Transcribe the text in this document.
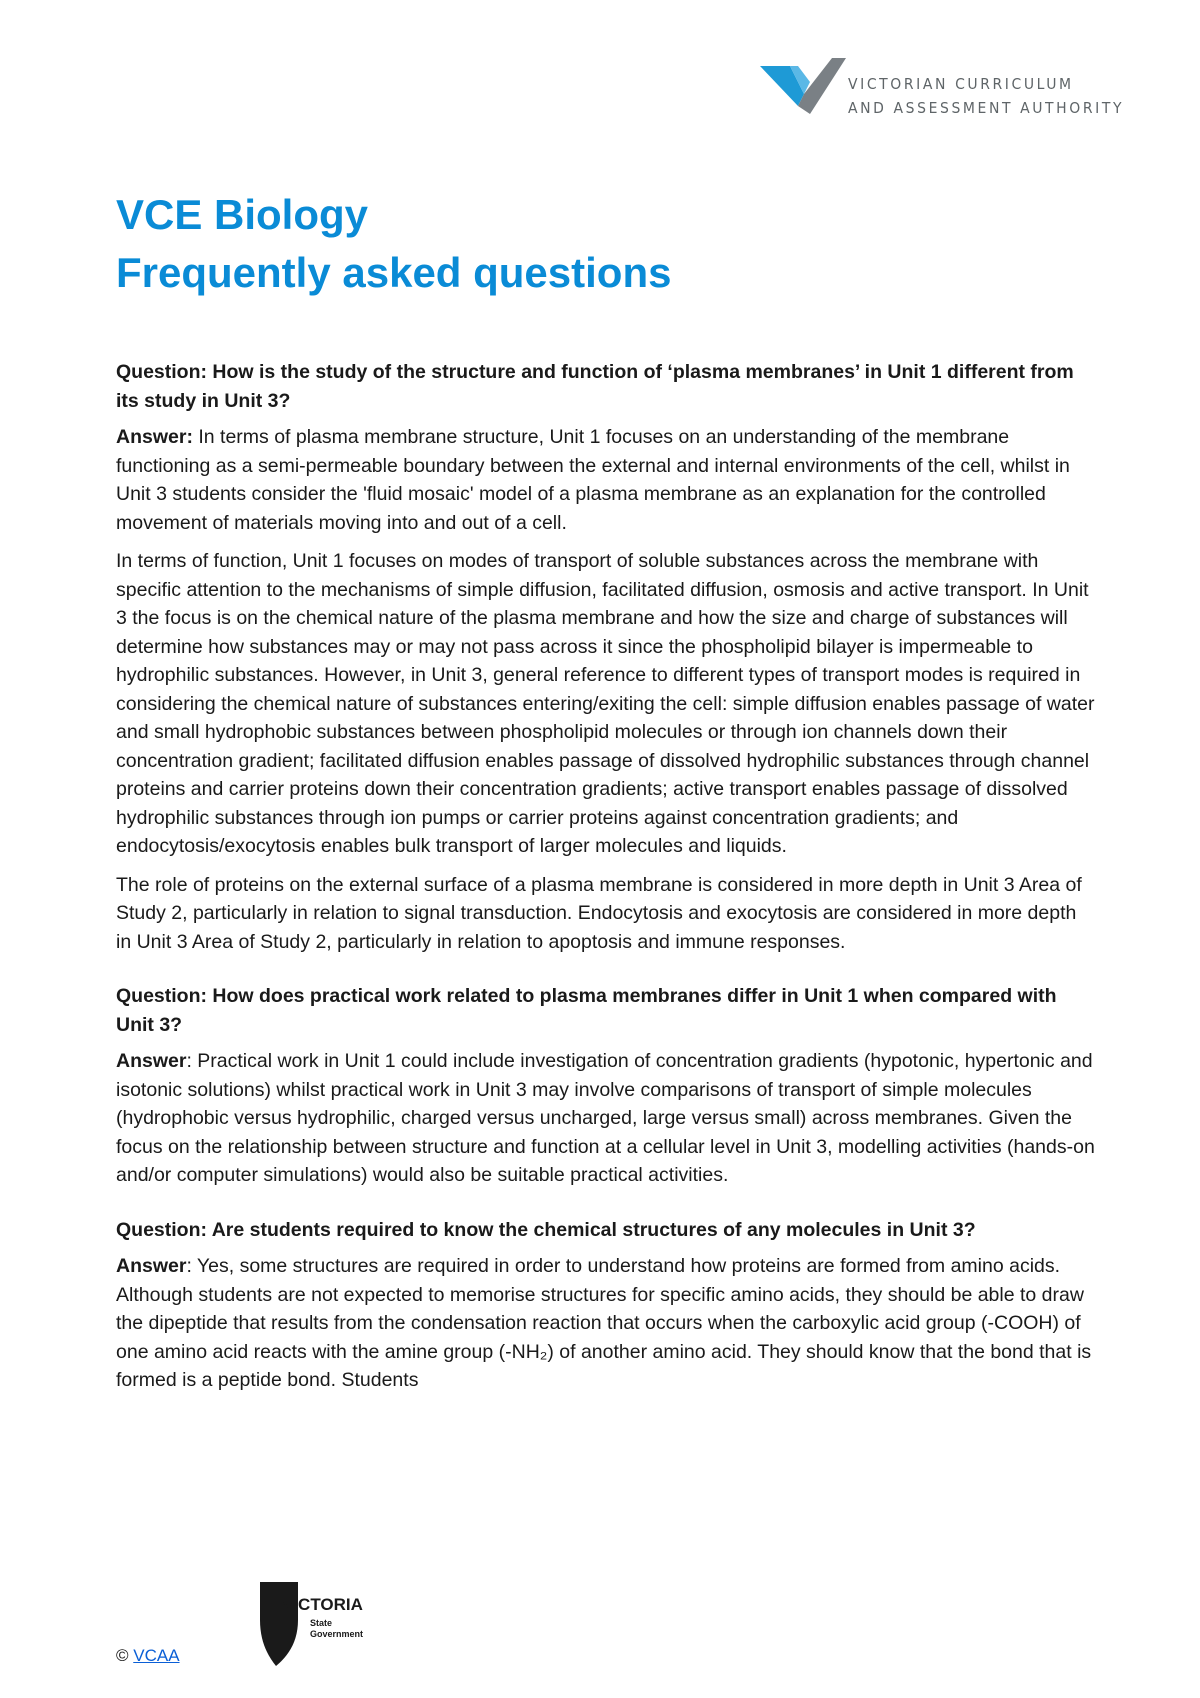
VICTORIAN CURRICULUM
AND ASSESSMENT AUTHORITY
VCE Biology
Frequently asked questions

Question: How is the study of the structure and function of ‘plasma membranes’ in Unit 1 different from its study in Unit 3?

Answer: In terms of plasma membrane structure, Unit 1 focuses on an understanding of the membrane functioning as a semi-permeable boundary between the external and internal environments of the cell, whilst in Unit 3 students consider the 'fluid mosaic' model of a plasma membrane as an explanation for the controlled movement of materials moving into and out of a cell.

In terms of function, Unit 1 focuses on modes of transport of soluble substances across the membrane with specific attention to the mechanisms of simple diffusion, facilitated diffusion, osmosis and active transport. In Unit 3 the focus is on the chemical nature of the plasma membrane and how the size and charge of substances will determine how substances may or may not pass across it since the phospholipid bilayer is impermeable to hydrophilic substances. However, in Unit 3, general reference to different types of transport modes is required in considering the chemical nature of substances entering/exiting the cell: simple diffusion enables passage of water and small hydrophobic substances between phospholipid molecules or through ion channels down their concentration gradient; facilitated diffusion enables passage of dissolved hydrophilic substances through channel proteins and carrier proteins down their concentration gradients; active transport enables passage of dissolved hydrophilic substances through ion pumps or carrier proteins against concentration gradients; and endocytosis/exocytosis enables bulk transport of larger molecules and liquids.

The role of proteins on the external surface of a plasma membrane is considered in more depth in Unit 3 Area of Study 2, particularly in relation to signal transduction. Endocytosis and exocytosis are considered in more depth in Unit 3 Area of Study 2, particularly in relation to apoptosis and immune responses.

Question: How does practical work related to plasma membranes differ in Unit 1 when compared with Unit 3?

Answer: Practical work in Unit 1 could include investigation of concentration gradients (hypotonic, hypertonic and isotonic solutions) whilst practical work in Unit 3 may involve comparisons of transport of simple molecules (hydrophobic versus hydrophilic, charged versus uncharged, large versus small) across membranes. Given the focus on the relationship between structure and function at a cellular level in Unit 3, modelling activities (hands-on and/or computer simulations) would also be suitable practical activities.

Question: Are students required to know the chemical structures of any molecules in Unit 3?

Answer: Yes, some structures are required in order to understand how proteins are formed from amino acids. Although students are not expected to memorise structures for specific amino acids, they should be able to draw the dipeptide that results from the condensation reaction that occurs when the carboxylic acid group (-COOH) of one amino acid reacts with the amine group (-NH₂) of another amino acid. They should know that the bond that is formed is a peptide bond. Students

VICTORIA
State
Government
© VCAA
